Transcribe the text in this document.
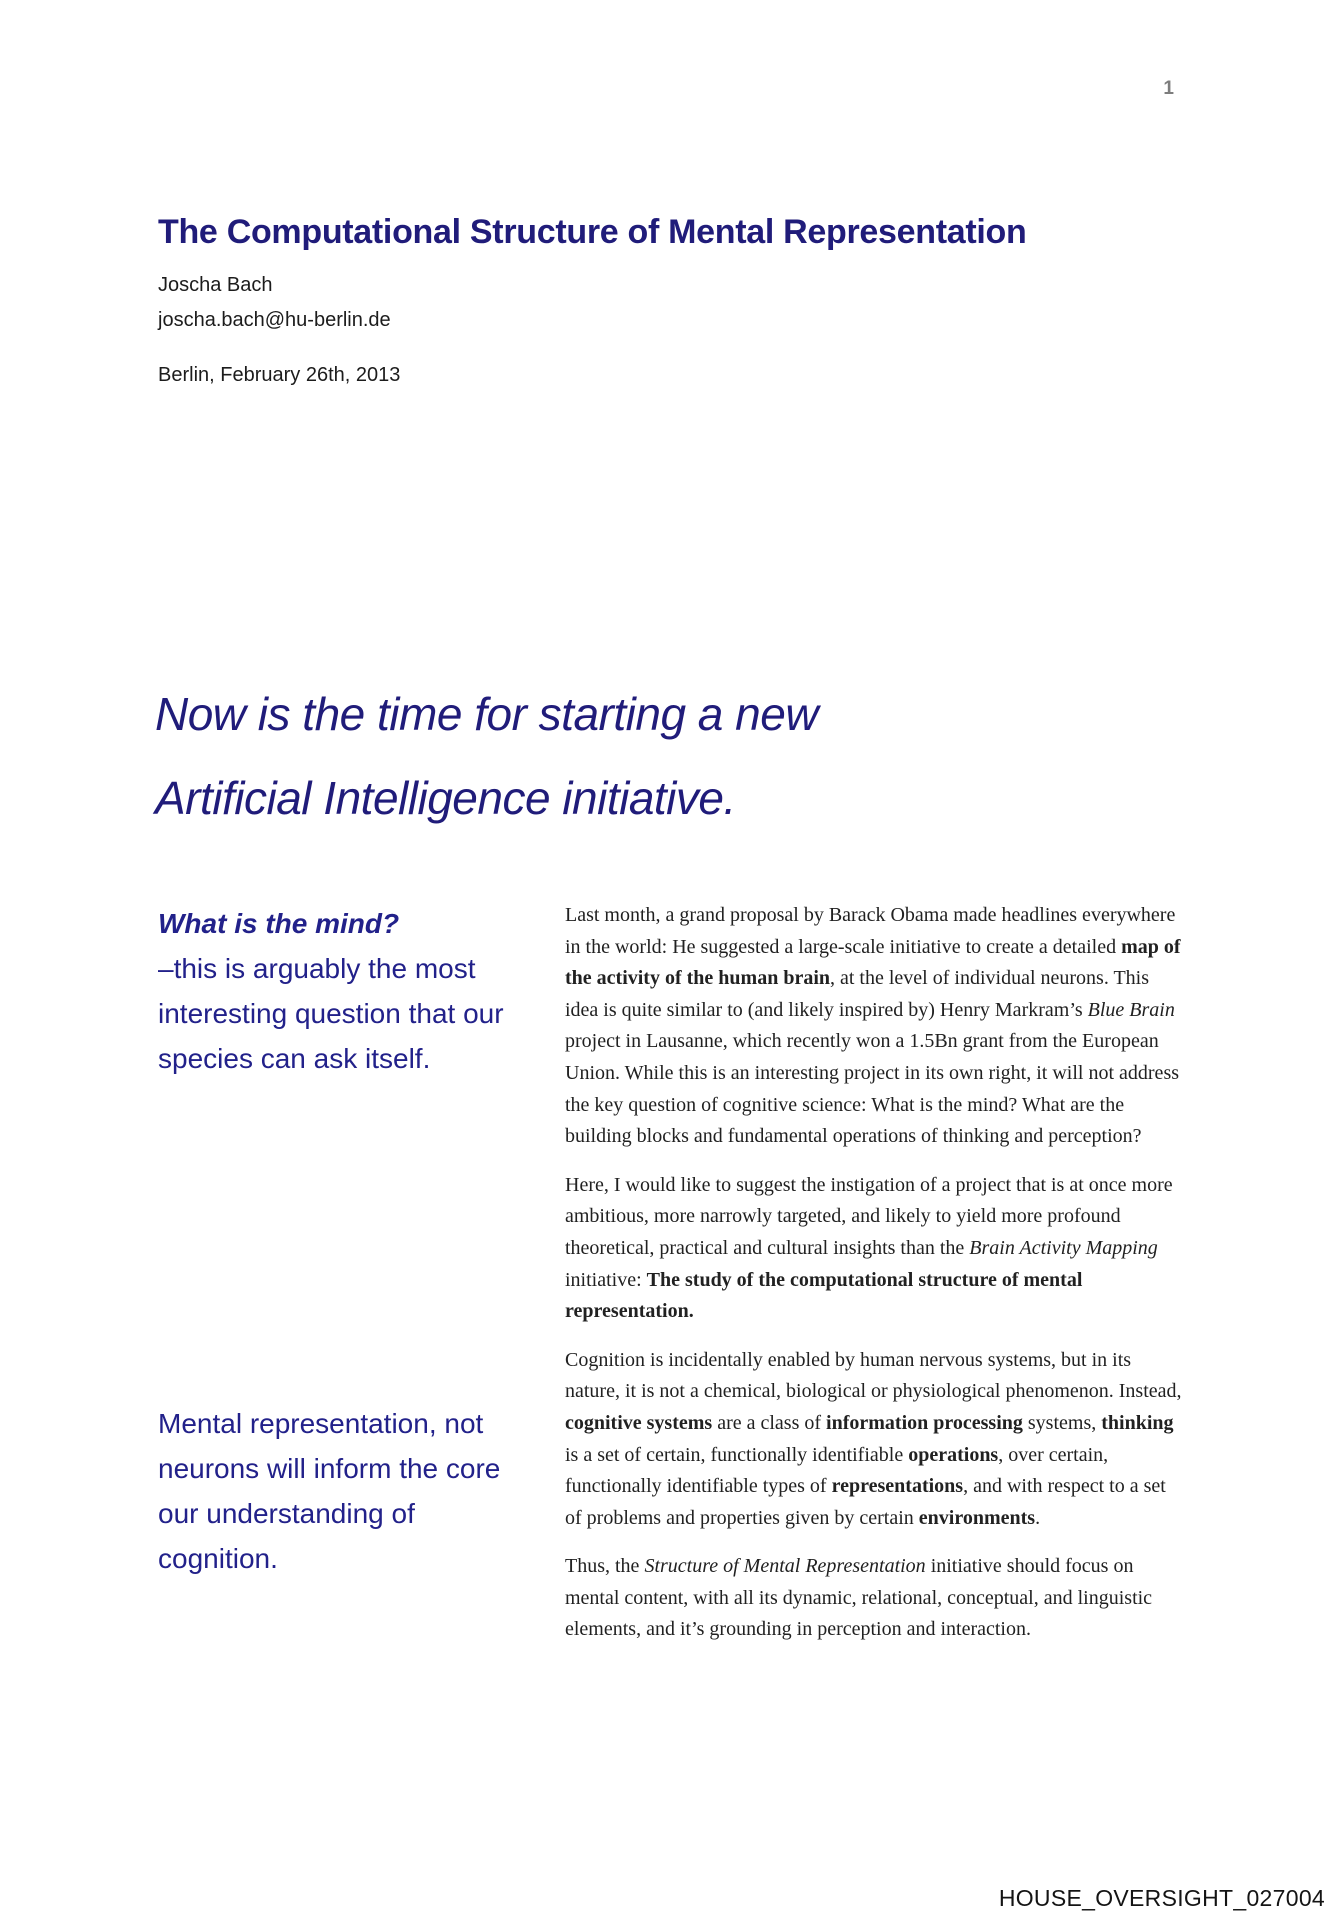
1
The Computational Structure of Mental Representation
Joscha Bach
joscha.bach@hu-berlin.de
Berlin, February 26th, 2013
Now is the time for starting a new
Artificial Intelligence initiative.
What is the mind?
–this is arguably the most interesting question that our species can ask itself.
Mental representation, not neurons will inform the core our understanding of cognition.

Last month, a grand proposal by Barack Obama made headlines everywhere in the world: He suggested a large-scale initiative to create a detailed map of the activity of the human brain, at the level of individual neurons. This idea is quite similar to (and likely inspired by) Henry Markram’s Blue Brain project in Lausanne, which recently won a 1.5Bn grant from the European Union. While this is an interesting project in its own right, it will not address the key question of cognitive science: What is the mind? What are the building blocks and fundamental operations of thinking and perception?

Here, I would like to suggest the instigation of a project that is at once more ambitious, more narrowly targeted, and likely to yield more profound theoretical, practical and cultural insights than the Brain Activity Mapping initiative: The study of the computational structure of mental representation.

Cognition is incidentally enabled by human nervous systems, but in its nature, it is not a chemical, biological or physiological phenomenon. Instead, cognitive systems are a class of information processing systems, thinking is a set of certain, functionally identifiable operations, over certain, functionally identifiable types of representations, and with respect to a set of problems and properties given by certain environments.

Thus, the Structure of Mental Representation initiative should focus on mental content, with all its dynamic, relational, conceptual, and linguistic elements, and it’s grounding in perception and interaction.

HOUSE_OVERSIGHT_027004
